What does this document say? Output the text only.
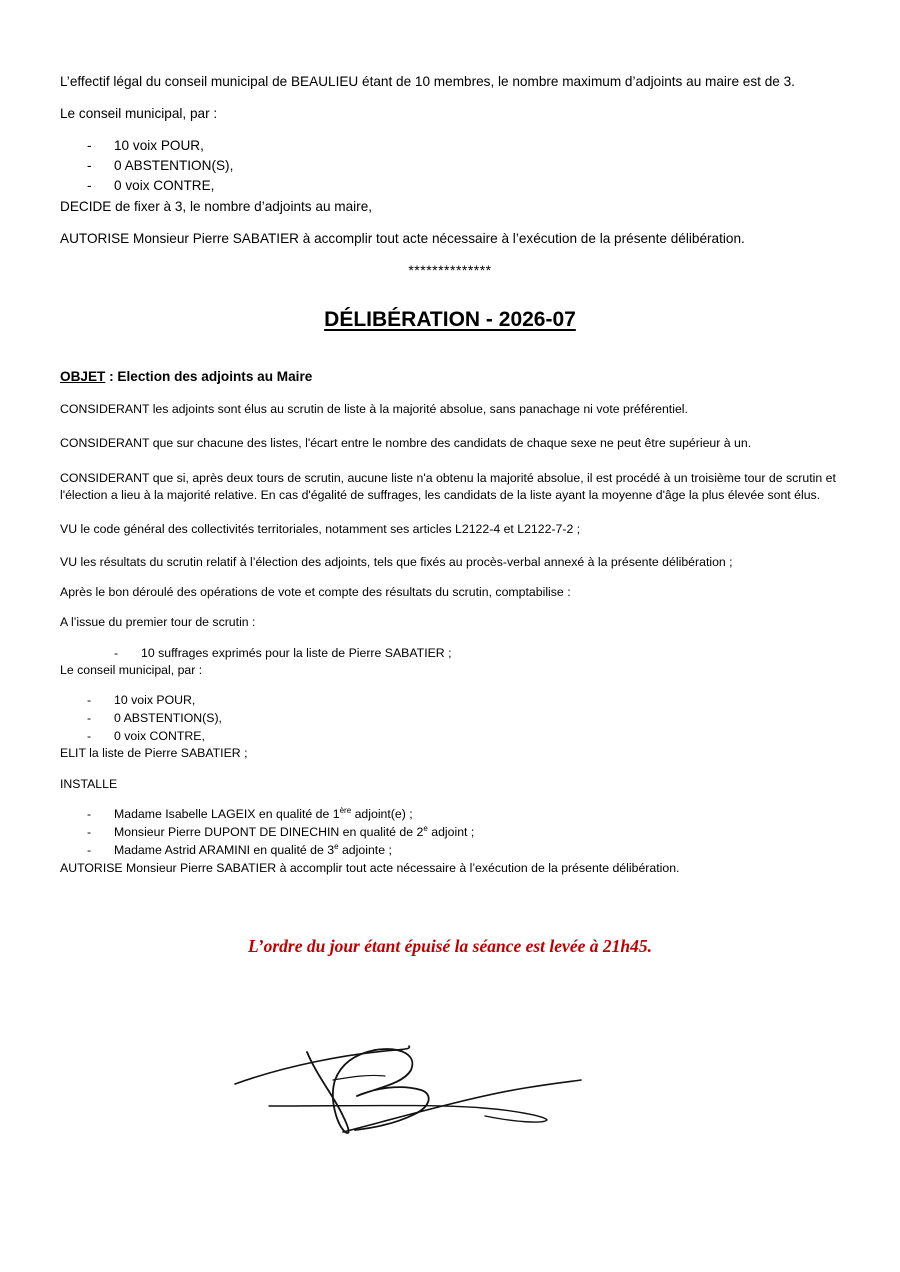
L’effectif légal du conseil municipal de BEAULIEU étant de 10 membres, le nombre maximum d’adjoints au maire est de 3.
Le conseil municipal, par :
- 10 voix POUR,
- 0 ABSTENTION(S),
- 0 voix CONTRE,
DECIDE de fixer à 3, le nombre d’adjoints au maire,
AUTORISE Monsieur Pierre SABATIER à accomplir tout acte nécessaire à l’exécution de la présente délibération.
**************
DÉLIBÉRATION - 2026-07
OBJET : Election des adjoints au Maire
CONSIDERANT les adjoints sont élus au scrutin de liste à la majorité absolue, sans panachage ni vote préférentiel.
CONSIDERANT que sur chacune des listes, l'écart entre le nombre des candidats de chaque sexe ne peut être supérieur à un.
CONSIDERANT que si, après deux tours de scrutin, aucune liste n'a obtenu la majorité absolue, il est procédé à un troisième tour de scrutin et
l'élection a lieu à la majorité relative. En cas d'égalité de suffrages, les candidats de la liste ayant la moyenne d'âge la plus élevée sont élus.
VU le code général des collectivités territoriales, notamment ses articles L2122-4 et L2122-7-2 ;
VU les résultats du scrutin relatif à l’élection des adjoints, tels que fixés au procès-verbal annexé à la présente délibération ;
Après le bon déroulé des opérations de vote et compte des résultats du scrutin, comptabilise :
A l’issue du premier tour de scrutin :
- 10 suffrages exprimés pour la liste de Pierre SABATIER ;
Le conseil municipal, par :
- 10 voix POUR,
- 0 ABSTENTION(S),
- 0 voix CONTRE,
ELIT la liste de Pierre SABATIER ;
INSTALLE
- Madame Isabelle LAGEIX en qualité de 1ère adjoint(e) ;
- Monsieur Pierre DUPONT DE DINECHIN en qualité de 2e adjoint ;
- Madame Astrid ARAMINI en qualité de 3e adjointe ;
AUTORISE Monsieur Pierre SABATIER à accomplir tout acte nécessaire à l’exécution de la présente délibération.
L’ordre du jour étant épuisé la séance est levée à 21h45.
